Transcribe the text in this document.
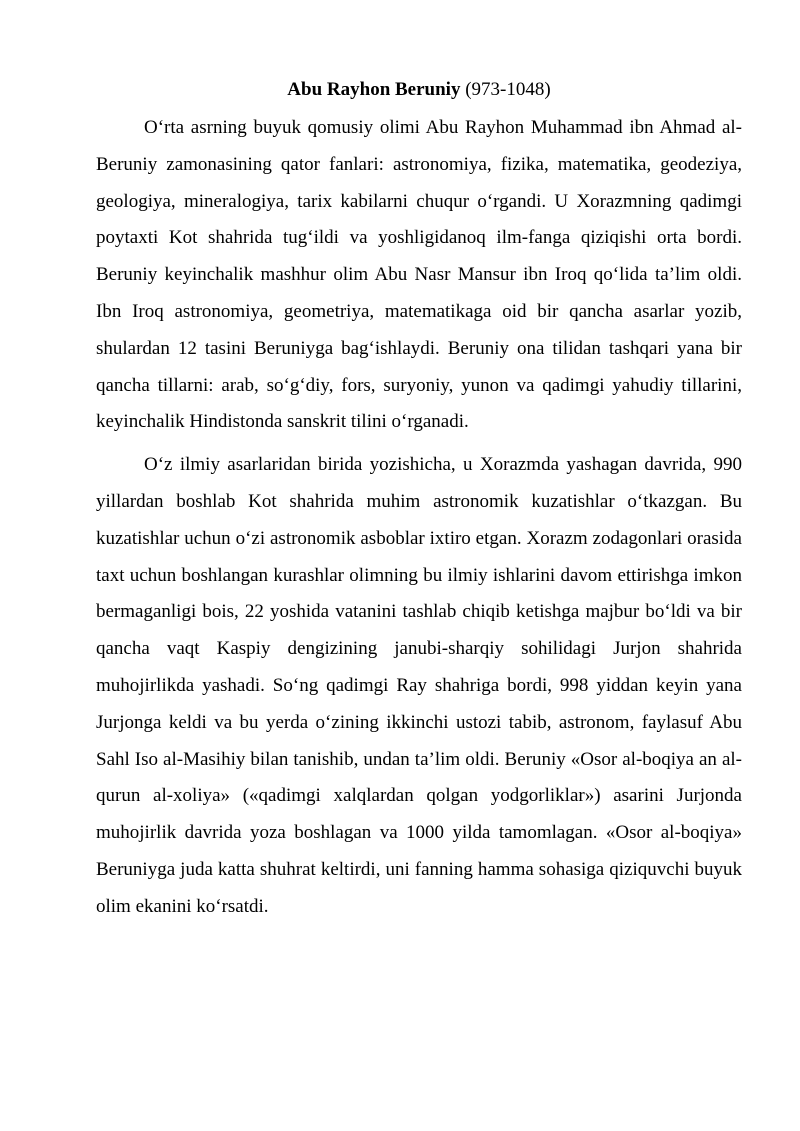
Abu Rayhon Beruniy (973-1048)

O‘rta asrning buyuk qomusiy olimi Abu Rayhon Muhammad ibn Ahmad al-Beruniy zamonasining qator fanlari: astronomiya, fizika, matematika, geodeziya, geologiya, mineralogiya, tarix kabilarni chuqur o‘rgandi. U Xorazmning qadimgi poytaxti Kot shahrida tug‘ildi va yoshligidanoq ilm-fanga qiziqishi orta bordi. Beruniy keyinchalik mashhur olim Abu Nasr Mansur ibn Iroq qo‘lida ta’lim oldi. Ibn Iroq astronomiya, geometriya, matematikaga oid bir qancha asarlar yozib, shulardan 12 tasini Beruniyga bag‘ishlaydi. Beruniy ona tilidan tashqari yana bir qancha tillarni: arab, so‘g‘diy, fors, suryoniy, yunon va qadimgi yahudiy tillarini, keyinchalik Hindistonda sanskrit tilini o‘rganadi.

O‘z ilmiy asarlaridan birida yozishicha, u Xorazmda yashagan davrida, 990 yillardan boshlab Kot shahrida muhim astronomik kuzatishlar o‘tkazgan. Bu kuzatishlar uchun o‘zi astronomik asboblar ixtiro etgan. Xorazm zodagonlari orasida taxt uchun boshlangan kurashlar olimning bu ilmiy ishlarini davom ettirishga imkon bermaganligi bois, 22 yoshida vatanini tashlab chiqib ketishga majbur bo‘ldi va bir qancha vaqt Kaspiy dengizining janubi-sharqiy sohilidagi Jurjon shahrida muhojirlikda yashadi. So‘ng qadimgi Ray shahriga bordi, 998 yiddan keyin yana Jurjonga keldi va bu yerda o‘zining ikkinchi ustozi tabib, astronom, faylasuf Abu Sahl Iso al-Masihiy bilan tanishib, undan ta’lim oldi. Beruniy «Osor al-boqiya an al-qurun al-xoliya» («qadimgi xalqlardan qolgan yodgorliklar») asarini Jurjonda muhojirlik davrida yoza boshlagan va 1000 yilda tamomlagan. «Osor al-boqiya» Beruniyga juda katta shuhrat keltirdi, uni fanning hamma sohasiga qiziquvchi buyuk olim ekanini ko‘rsatdi.
